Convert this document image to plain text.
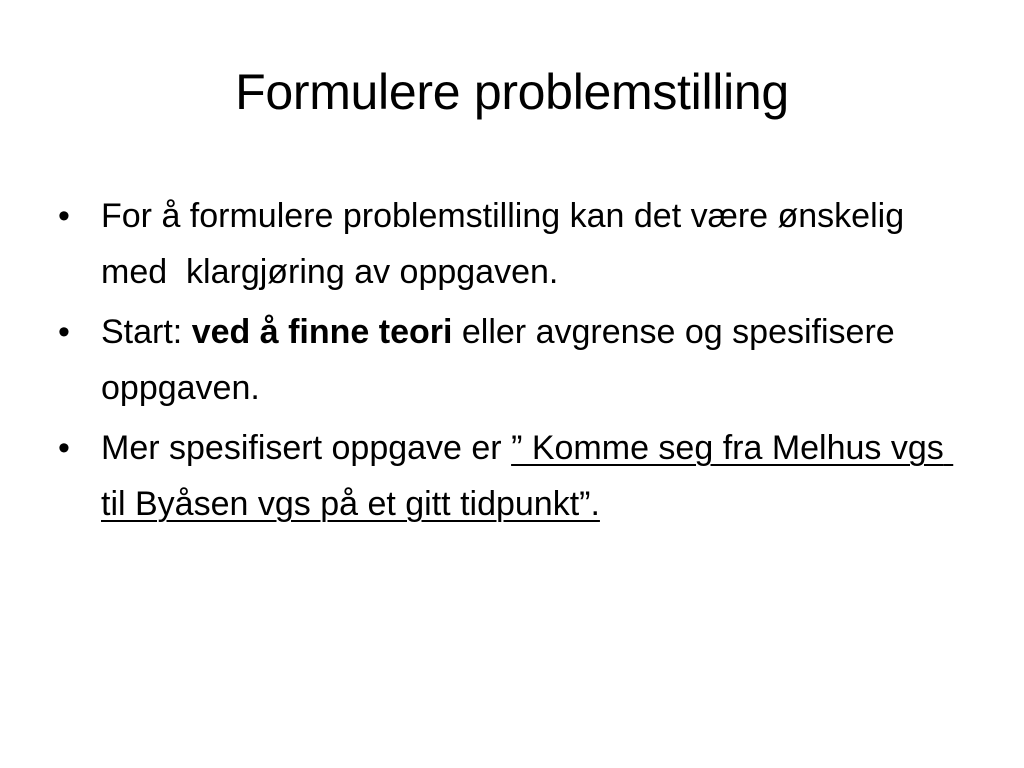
Formulere problemstilling
• For å formulere problemstilling kan det være ønskelig med  klargjøring av oppgaven.
• Start: ved å finne teori eller avgrense og spesifisere oppgaven.
• Mer spesifisert oppgave er ” Komme seg fra Melhus vgs til Byåsen vgs på et gitt tidpunkt”.
